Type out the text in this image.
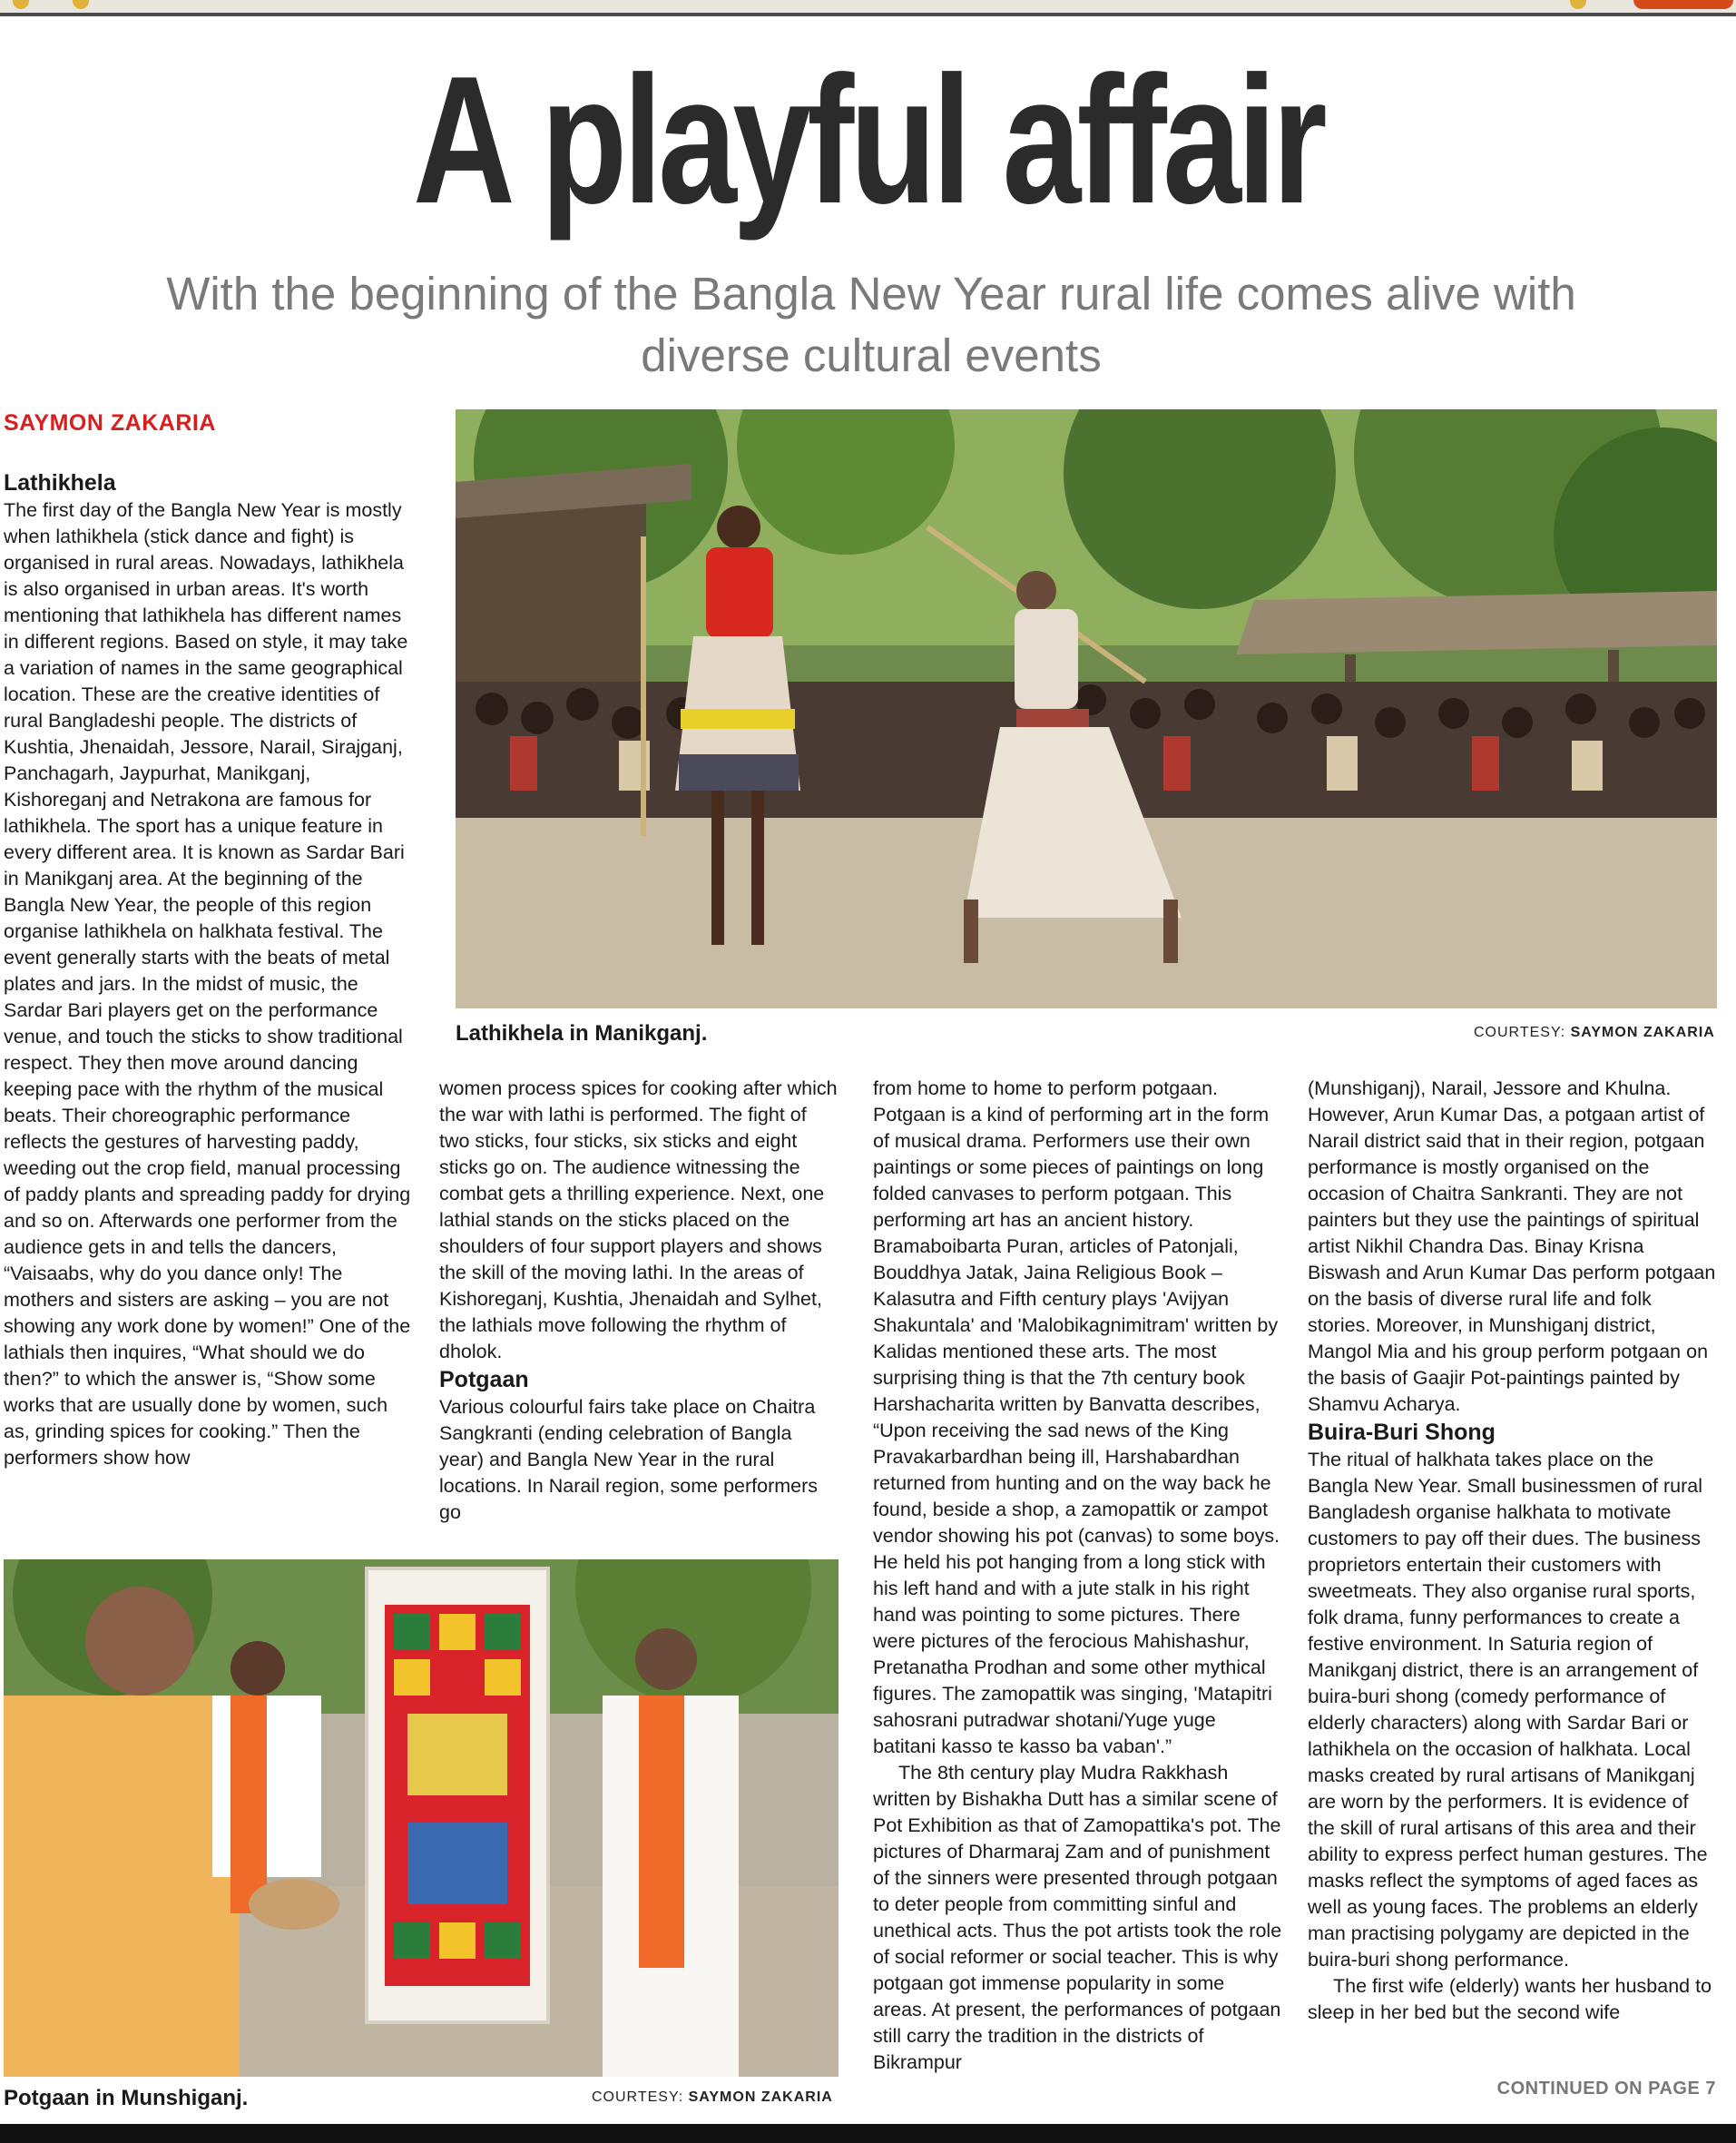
A playful affair
With the beginning of the Bangla New Year rural life comes alive with diverse cultural events
SAYMON ZAKARIA
Lathikhela in Manikganj.	COURTESY: SAYMON ZAKARIA
Potgaan in Munshiganj.	COURTESY: SAYMON ZAKARIA
Lathikhela

The first day of the Bangla New Year is mostly when lathikhela (stick dance and fight) is organised in rural areas. Nowadays, lathikhela is also organised in urban areas. It's worth mentioning that lathikhela has different names in different regions. Based on style, it may take a variation of names in the same geographical location. These are the creative identities of rural Bangladeshi people. The districts of Kushtia, Jhenaidah, Jessore, Narail, Sirajganj, Panchagarh, Jaypurhat, Manikganj, Kishoreganj and Netrakona are famous for lathikhela. The sport has a unique feature in every different area. It is known as Sardar Bari in Manikganj area. At the beginning of the Bangla New Year, the people of this region organise lathikhela on halkhata festival. The event generally starts with the beats of metal plates and jars. In the midst of music, the Sardar Bari players get on the performance venue, and touch the sticks to show traditional respect. They then move around dancing keeping pace with the rhythm of the musical beats. Their choreographic performance reflects the gestures of harvesting paddy, weeding out the crop field, manual processing of paddy plants and spreading paddy for drying and so on. Afterwards one performer from the audience gets in and tells the dancers, “Vaisaabs, why do you dance only! The mothers and sisters are asking – you are not showing any work done by women!” One of the lathials then inquires, “What should we do then?” to which the answer is, “Show some works that are usually done by women, such as, grinding spices for cooking.” Then the performers show how

women process spices for cooking after which the war with lathi is performed. The fight of two sticks, four sticks, six sticks and eight sticks go on. The audience witnessing the combat gets a thrilling experience. Next, one lathial stands on the sticks placed on the shoulders of four support players and shows the skill of the moving lathi. In the areas of Kishoreganj, Kushtia, Jhenaidah and Sylhet, the lathials move following the rhythm of dholok.

Potgaan

Various colourful fairs take place on Chaitra Sangkranti (ending celebration of Bangla year) and Bangla New Year in the rural locations. In Narail region, some performers go

from home to home to perform potgaan. Potgaan is a kind of performing art in the form of musical drama. Performers use their own paintings or some pieces of paintings on long folded canvases to perform potgaan. This performing art has an ancient history. Bramaboibarta Puran, articles of Patonjali, Bouddhya Jatak, Jaina Religious Book – Kalasutra and Fifth century plays 'Avijyan Shakuntala' and 'Malobikagnimitram' written by Kalidas mentioned these arts. The most surprising thing is that the 7th century book Harshacharita written by Banvatta describes, “Upon receiving the sad news of the King Pravakarbardhan being ill, Harshabardhan returned from hunting and on the way back he found, beside a shop, a zamopattik or zampot vendor showing his pot (canvas) to some boys. He held his pot hanging from a long stick with his left hand and with a jute stalk in his right hand was pointing to some pictures. There were pictures of the ferocious Mahishashur, Pretanatha Prodhan and some other mythical figures. The zamopattik was singing, 'Matapitri sahosrani putradwar shotani/Yuge yuge batitani kasso te kasso ba vaban'.”

The 8th century play Mudra Rakkhash written by Bishakha Dutt has a similar scene of Pot Exhibition as that of Zamopattika's pot. The pictures of Dharmaraj Zam and of punishment of the sinners were presented through potgaan to deter people from committing sinful and unethical acts. Thus the pot artists took the role of social reformer or social teacher. This is why potgaan got immense popularity in some areas. At present, the performances of potgaan still carry the tradition in the districts of Bikrampur

(Munshiganj), Narail, Jessore and Khulna. However, Arun Kumar Das, a potgaan artist of Narail district said that in their region, potgaan performance is mostly organised on the occasion of Chaitra Sankranti. They are not painters but they use the paintings of spiritual artist Nikhil Chandra Das. Binay Krisna Biswash and Arun Kumar Das perform potgaan on the basis of diverse rural life and folk stories. Moreover, in Munshiganj district, Mangol Mia and his group perform potgaan on the basis of Gaajir Pot-paintings painted by Shamvu Acharya.

Buira-Buri Shong

The ritual of halkhata takes place on the Bangla New Year. Small businessmen of rural Bangladesh organise halkhata to motivate customers to pay off their dues. The business proprietors entertain their customers with sweetmeats. They also organise rural sports, folk drama, funny performances to create a festive environment. In Saturia region of Manikganj district, there is an arrangement of buira-buri shong (comedy performance of elderly characters) along with Sardar Bari or lathikhela on the occasion of halkhata. Local masks created by rural artisans of Manikganj are worn by the performers. It is evidence of the skill of rural artisans of this area and their ability to express perfect human gestures. The masks reflect the symptoms of aged faces as well as young faces. The problems an elderly man practising polygamy are depicted in the buira-buri shong performance.

The first wife (elderly) wants her husband to sleep in her bed but the second wife

CONTINUED ON PAGE 7
